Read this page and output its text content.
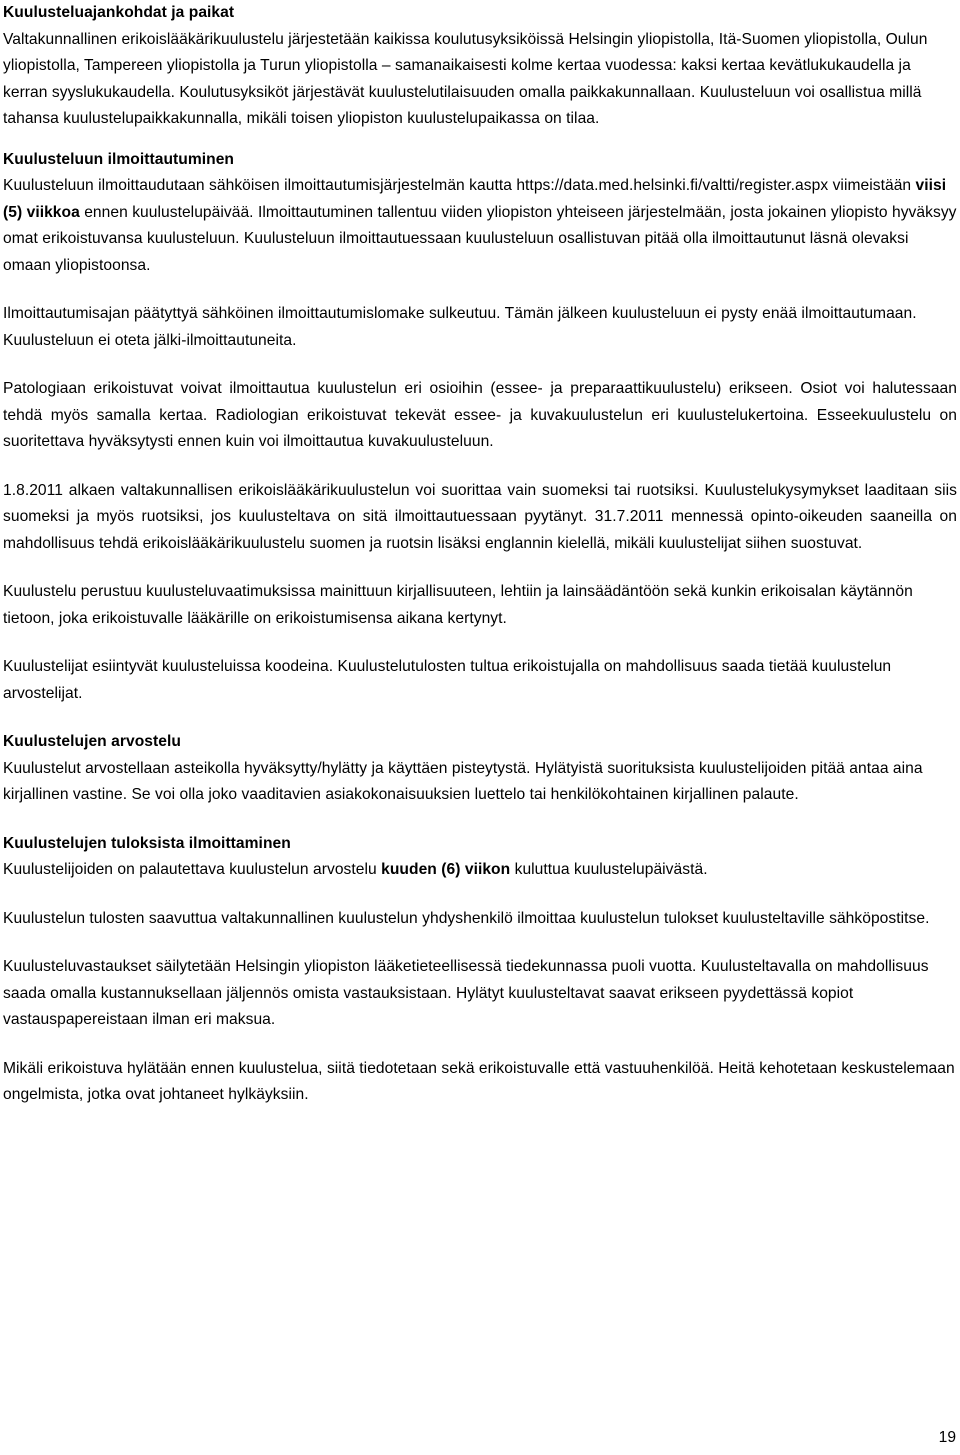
Kuulusteluajankohdat ja paikat

Valtakunnallinen erikoislääkärikuulustelu järjestetään kaikissa koulutusyksiköissä Helsingin yliopistolla, Itä-Suomen yliopistolla, Oulun yliopistolla, Tampereen yliopistolla ja Turun yliopistolla – samanaikaisesti kolme kertaa vuodessa: kaksi kertaa kevätlukukaudella ja kerran syyslukukaudella. Koulutusyksiköt järjestävät kuulustelutilaisuuden omalla paikkakunnallaan. Kuulusteluun voi osallistua millä tahansa kuulustelupaikkakunnalla, mikäli toisen yliopiston kuulustelupaikassa on tilaa.

Kuulusteluun ilmoittautuminen

Kuulusteluun ilmoittaudutaan sähköisen ilmoittautumisjärjestelmän kautta https://data.med.helsinki.fi/valtti/register.aspx viimeistään viisi (5) viikkoa ennen kuulustelupäivää. Ilmoittautuminen tallentuu viiden yliopiston yhteiseen järjestelmään, josta jokainen yliopisto hyväksyy omat erikoistuvansa kuulusteluun. Kuulusteluun ilmoittautuessaan kuulusteluun osallistuvan pitää olla ilmoittautunut läsnä olevaksi omaan yliopistoonsa.

Ilmoittautumisajan päätyttyä sähköinen ilmoittautumislomake sulkeutuu. Tämän jälkeen kuulusteluun ei pysty enää ilmoittautumaan. Kuulusteluun ei oteta jälki-ilmoittautuneita.

Patologiaan erikoistuvat voivat ilmoittautua kuulustelun eri osioihin (essee- ja preparaattikuulustelu) erikseen. Osiot voi halutessaan tehdä myös samalla kertaa. Radiologian erikoistuvat tekevät essee- ja kuvakuulustelun eri kuulustelukertoina. Esseekuulustelu on suoritettava hyväksytysti ennen kuin voi ilmoittautua kuvakuulusteluun.

1.8.2011 alkaen valtakunnallisen erikoislääkärikuulustelun voi suorittaa vain suomeksi tai ruotsiksi. Kuulustelukysymykset laaditaan siis suomeksi ja myös ruotsiksi, jos kuulusteltava on sitä ilmoittautuessaan pyytänyt. 31.7.2011 mennessä opinto-oikeuden saaneilla on mahdollisuus tehdä erikoislääkärikuulustelu suomen ja ruotsin lisäksi englannin kielellä, mikäli kuulustelijat siihen suostuvat.

Kuulustelu perustuu kuulusteluvaatimuksissa mainittuun kirjallisuuteen, lehtiin ja lainsäädäntöön sekä kunkin erikoisalan käytännön tietoon, joka erikoistuvalle lääkärille on erikoistumisensa aikana kertynyt.

Kuulustelijat esiintyvät kuulusteluissa koodeina. Kuulustelutulosten tultua erikoistujalla on mahdollisuus saada tietää kuulustelun arvostelijat.

Kuulustelujen arvostelu

Kuulustelut arvostellaan asteikolla hyväksytty/hylätty ja käyttäen pisteytystä. Hylätyistä suorituksista kuulustelijoiden pitää antaa aina kirjallinen vastine. Se voi olla joko vaaditavien asiakokonaisuuksien luettelo tai henkilökohtainen kirjallinen palaute.

Kuulustelujen tuloksista ilmoittaminen

Kuulustelijoiden on palautettava kuulustelun arvostelu kuuden (6) viikon kuluttua kuulustelupäivästä.

Kuulustelun tulosten saavuttua valtakunnallinen kuulustelun yhdyshenkilö ilmoittaa kuulustelun tulokset kuulusteltaville sähköpostitse.

Kuulusteluvastaukset säilytetään Helsingin yliopiston lääketieteellisessä tiedekunnassa puoli vuotta. Kuulusteltavalla on mahdollisuus saada omalla kustannuksellaan jäljennös omista vastauksistaan. Hylätyt kuulusteltavat saavat erikseen pyydettässä kopiot vastauspapereistaan ilman eri maksua.

Mikäli erikoistuva hylätään ennen kuulustelua, siitä tiedotetaan sekä erikoistuvalle että vastuuhenkilöä. Heitä kehotetaan keskustelemaan ongelmista, jotka ovat johtaneet hylkäyksiin.

19
